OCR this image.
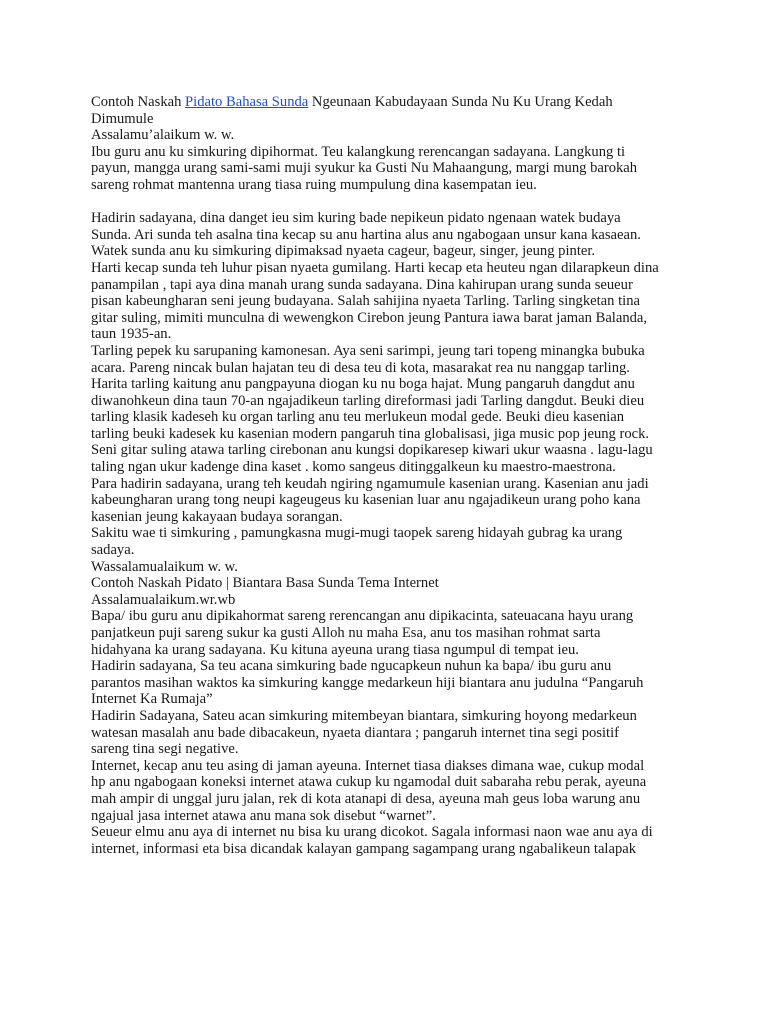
Contoh Naskah Pidato Bahasa Sunda Ngeunaan Kabudayaan Sunda Nu Ku Urang Kedah
Dimumule
Assalamu’alaikum w. w.
Ibu guru anu ku simkuring dipihormat. Teu kalangkung rerencangan sadayana. Langkung ti
payun, mangga urang sami-sami muji syukur ka Gusti Nu Mahaangung, margi mung barokah
sareng rohmat mantenna urang tiasa ruing mumpulung dina kasempatan ieu.
Hadirin sadayana, dina danget ieu sim kuring bade nepikeun pidato ngenaan watek budaya
Sunda. Ari sunda teh asalna tina kecap su anu hartina alus anu ngabogaan unsur kana kasaean.
Watek sunda anu ku simkuring dipimaksad nyaeta cageur, bageur, singer, jeung pinter.
Harti kecap sunda teh luhur pisan nyaeta gumilang. Harti kecap eta heuteu ngan dilarapkeun dina
panampilan , tapi aya dina manah urang sunda sadayana. Dina kahirupan urang sunda seueur
pisan kabeungharan seni jeung budayana. Salah sahijina nyaeta Tarling. Tarling singketan tina
gitar suling, mimiti munculna di wewengkon Cirebon jeung Pantura iawa barat jaman Balanda,
taun 1935-an.
Tarling pepek ku sarupaning kamonesan. Aya seni sarimpi, jeung tari topeng minangka bubuka
acara. Pareng nincak bulan hajatan teu di desa teu di kota, masarakat rea nu nanggap tarling.
Harita tarling kaitung anu pangpayuna diogan ku nu boga hajat. Mung pangaruh dangdut anu
diwanohkeun dina taun 70-an ngajadikeun tarling direformasi jadi Tarling dangdut. Beuki dieu
tarling klasik kadeseh ku organ tarling anu teu merlukeun modal gede. Beuki dieu kasenian
tarling beuki kadesek ku kasenian modern pangaruh tina globalisasi, jiga music pop jeung rock.
Seni gitar suling atawa tarling cirebonan anu kungsi dopikaresep kiwari ukur waasna . lagu-lagu
taling ngan ukur kadenge dina kaset . komo sangeus ditinggalkeun ku maestro-maestrona.
Para hadirin sadayana, urang teh keudah ngiring ngamumule kasenian urang. Kasenian anu jadi
kabeungharan urang tong neupi kageugeus ku kasenian luar anu ngajadikeun urang poho kana
kasenian jeung kakayaan budaya sorangan.
Sakitu wae ti simkuring , pamungkasna mugi-mugi taopek sareng hidayah gubrag ka urang
sadaya.
Wassalamualaikum w. w.
Contoh Naskah Pidato | Biantara Basa Sunda Tema Internet
Assalamualaikum.wr.wb
Bapa/ ibu guru anu dipikahormat sareng rerencangan anu dipikacinta, sateuacana hayu urang
panjatkeun puji sareng sukur ka gusti Alloh nu maha Esa, anu tos masihan rohmat sarta
hidahyana ka urang sadayana. Ku kituna ayeuna urang tiasa ngumpul di tempat ieu.
Hadirin sadayana, Sa teu acana simkuring bade ngucapkeun nuhun ka bapa/ ibu guru anu
parantos masihan waktos ka simkuring kangge medarkeun hiji biantara anu judulna “Pangaruh
Internet Ka Rumaja”
Hadirin Sadayana, Sateu acan simkuring mitembeyan biantara, simkuring hoyong medarkeun
watesan masalah anu bade dibacakeun, nyaeta diantara ; pangaruh internet tina segi positif
sareng tina segi negative.
Internet, kecap anu teu asing di jaman ayeuna. Internet tiasa diakses dimana wae, cukup modal
hp anu ngabogaan koneksi internet atawa cukup ku ngamodal duit sabaraha rebu perak, ayeuna
mah ampir di unggal juru jalan, rek di kota atanapi di desa, ayeuna mah geus loba warung anu
ngajual jasa internet atawa anu mana sok disebut “warnet”.
Seueur elmu anu aya di internet nu bisa ku urang dicokot. Sagala informasi naon wae anu aya di
internet, informasi eta bisa dicandak kalayan gampang sagampang urang ngabalikeun talapak
